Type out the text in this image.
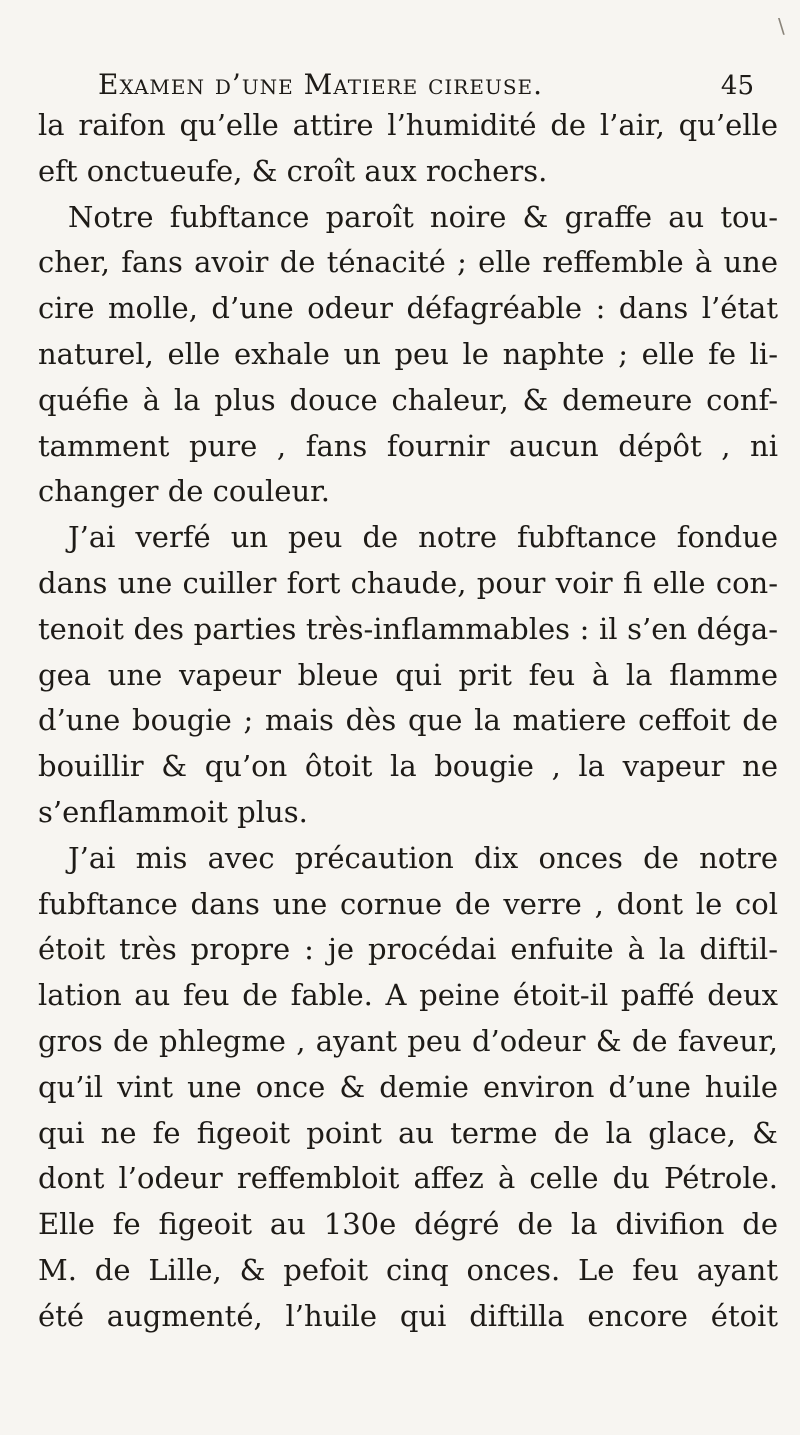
\
Examen d’une Matiere cireuse.	45
la raifon qu’elle attire l’humidité de l’air, qu’elle
eft onctueufe, & croît aux rochers.
Notre fubftance paroît noire & graffe au tou-
cher, fans avoir de ténacité ; elle reffemble à une
cire molle, d’une odeur défagréable : dans l’état
naturel, elle exhale un peu le naphte ; elle fe li-
quéfie à la plus douce chaleur, & demeure conf-
tamment pure , fans fournir aucun dépôt , ni
changer de couleur.
J’ai verfé un peu de notre fubftance fondue
dans une cuiller fort chaude, pour voir fi elle con-
tenoit des parties très-inflammables : il s’en déga-
gea une vapeur bleue qui prit feu à la flamme
d’une bougie ; mais dès que la matiere ceffoit de
bouillir & qu’on ôtoit la bougie , la vapeur ne
s’enflammoit plus.
J’ai mis avec précaution dix onces de notre
fubftance dans une cornue de verre , dont le col
étoit très propre : je procédai enfuite à la diftil-
lation au feu de fable. A peine étoit-il paffé deux
gros de phlegme , ayant peu d’odeur & de faveur,
qu’il vint une once & demie environ d’une huile
qui ne fe figeoit point au terme de la glace, &
dont l’odeur reffembloit affez à celle du Pétrole.
Elle fe figeoit au 130e dégré de la divifion de
M. de Lille, & pefoit cinq onces. Le feu ayant
été augmenté, l’huile qui diftilla encore étoit
